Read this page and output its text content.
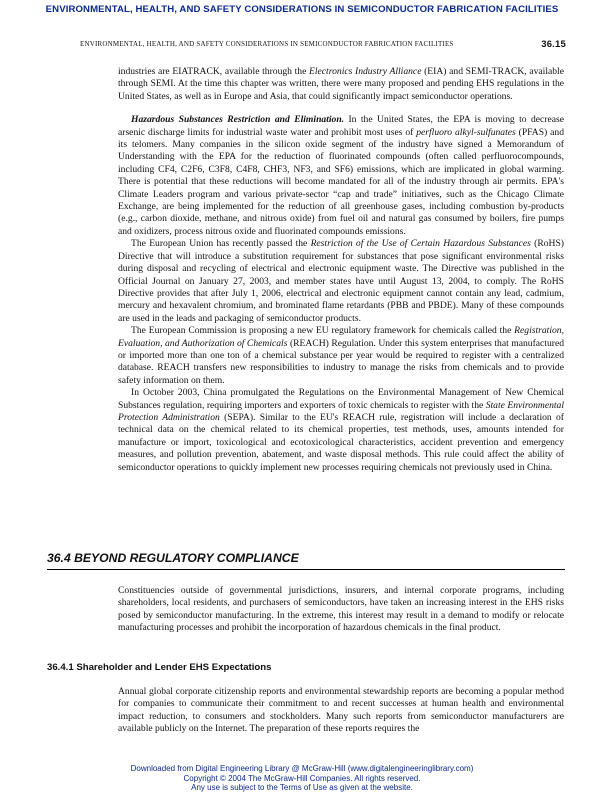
ENVIRONMENTAL, HEALTH, AND SAFETY CONSIDERATIONS IN SEMICONDUCTOR FABRICATION FACILITIES
ENVIRONMENTAL, HEALTH, AND SAFETY CONSIDERATIONS IN SEMICONDUCTOR FABRICATION FACILITIES	36.15

industries are EIATRACK, available through the Electronics Industry Alliance (EIA) and SEMI-TRACK, available through SEMI. At the time this chapter was written, there were many proposed and pending EHS regulations in the United States, as well as in Europe and Asia, that could significantly impact semiconductor operations.

Hazardous Substances Restriction and Elimination. In the United States, the EPA is moving to decrease arsenic discharge limits for industrial waste water and prohibit most uses of perfluoro alkyl-sulfunates (PFAS) and its telomers. Many companies in the silicon oxide segment of the industry have signed a Memorandum of Understanding with the EPA for the reduction of fluorinated compounds (often called perfluorocompounds, including CF4, C2F6, C3F8, C4F8, CHF3, NF3, and SF6) emissions, which are implicated in global warming. There is potential that these reductions will become mandated for all of the industry through air permits. EPA's Climate Leaders program and various private-sector “cap and trade” initiatives, such as the Chicago Climate Exchange, are being implemented for the reduction of all greenhouse gases, including combustion by-products (e.g., carbon dioxide, methane, and nitrous oxide) from fuel oil and natural gas consumed by boilers, fire pumps and oxidizers, process nitrous oxide and fluorinated compounds emissions.

The European Union has recently passed the Restriction of the Use of Certain Hazardous Substances (RoHS) Directive that will introduce a substitution requirement for substances that pose significant environmental risks during disposal and recycling of electrical and electronic equipment waste. The Directive was published in the Official Journal on January 27, 2003, and member states have until August 13, 2004, to comply. The RoHS Directive provides that after July 1, 2006, electrical and electronic equipment cannot contain any lead, cadmium, mercury and hexavalent chromium, and brominated flame retardants (PBB and PBDE). Many of these compounds are used in the leads and packaging of semiconductor products.

The European Commission is proposing a new EU regulatory framework for chemicals called the Registration, Evaluation, and Authorization of Chemicals (REACH) Regulation. Under this system enterprises that manufactured or imported more than one ton of a chemical substance per year would be required to register with a centralized database. REACH transfers new responsibilities to industry to manage the risks from chemicals and to provide safety information on them.

In October 2003, China promulgated the Regulations on the Environmental Management of New Chemical Substances regulation, requiring importers and exporters of toxic chemicals to register with the State Environmental Protection Administration (SEPA). Similar to the EU's REACH rule, registration will include a declaration of technical data on the chemical related to its chemical properties, test methods, uses, amounts intended for manufacture or import, toxicological and ecotoxicological characteristics, accident prevention and emergency measures, and pollution prevention, abatement, and waste disposal methods. This rule could affect the ability of semiconductor operations to quickly implement new processes requiring chemicals not previously used in China.

36.4 BEYOND REGULATORY COMPLIANCE

Constituencies outside of governmental jurisdictions, insurers, and internal corporate programs, including shareholders, local residents, and purchasers of semiconductors, have taken an increasing interest in the EHS risks posed by semiconductor manufacturing. In the extreme, this interest may result in a demand to modify or relocate manufacturing processes and prohibit the incorporation of hazardous chemicals in the final product.

36.4.1 Shareholder and Lender EHS Expectations

Annual global corporate citizenship reports and environmental stewardship reports are becoming a popular method for companies to communicate their commitment to and recent successes at human health and environmental impact reduction, to consumers and stockholders. Many such reports from semiconductor manufacturers are available publicly on the Internet. The preparation of these reports requires the

Downloaded from Digital Engineering Library @ McGraw-Hill (www.digitalengineeringlibrary.com)
Copyright © 2004 The McGraw-Hill Companies. All rights reserved.
Any use is subject to the Terms of Use as given at the website.
